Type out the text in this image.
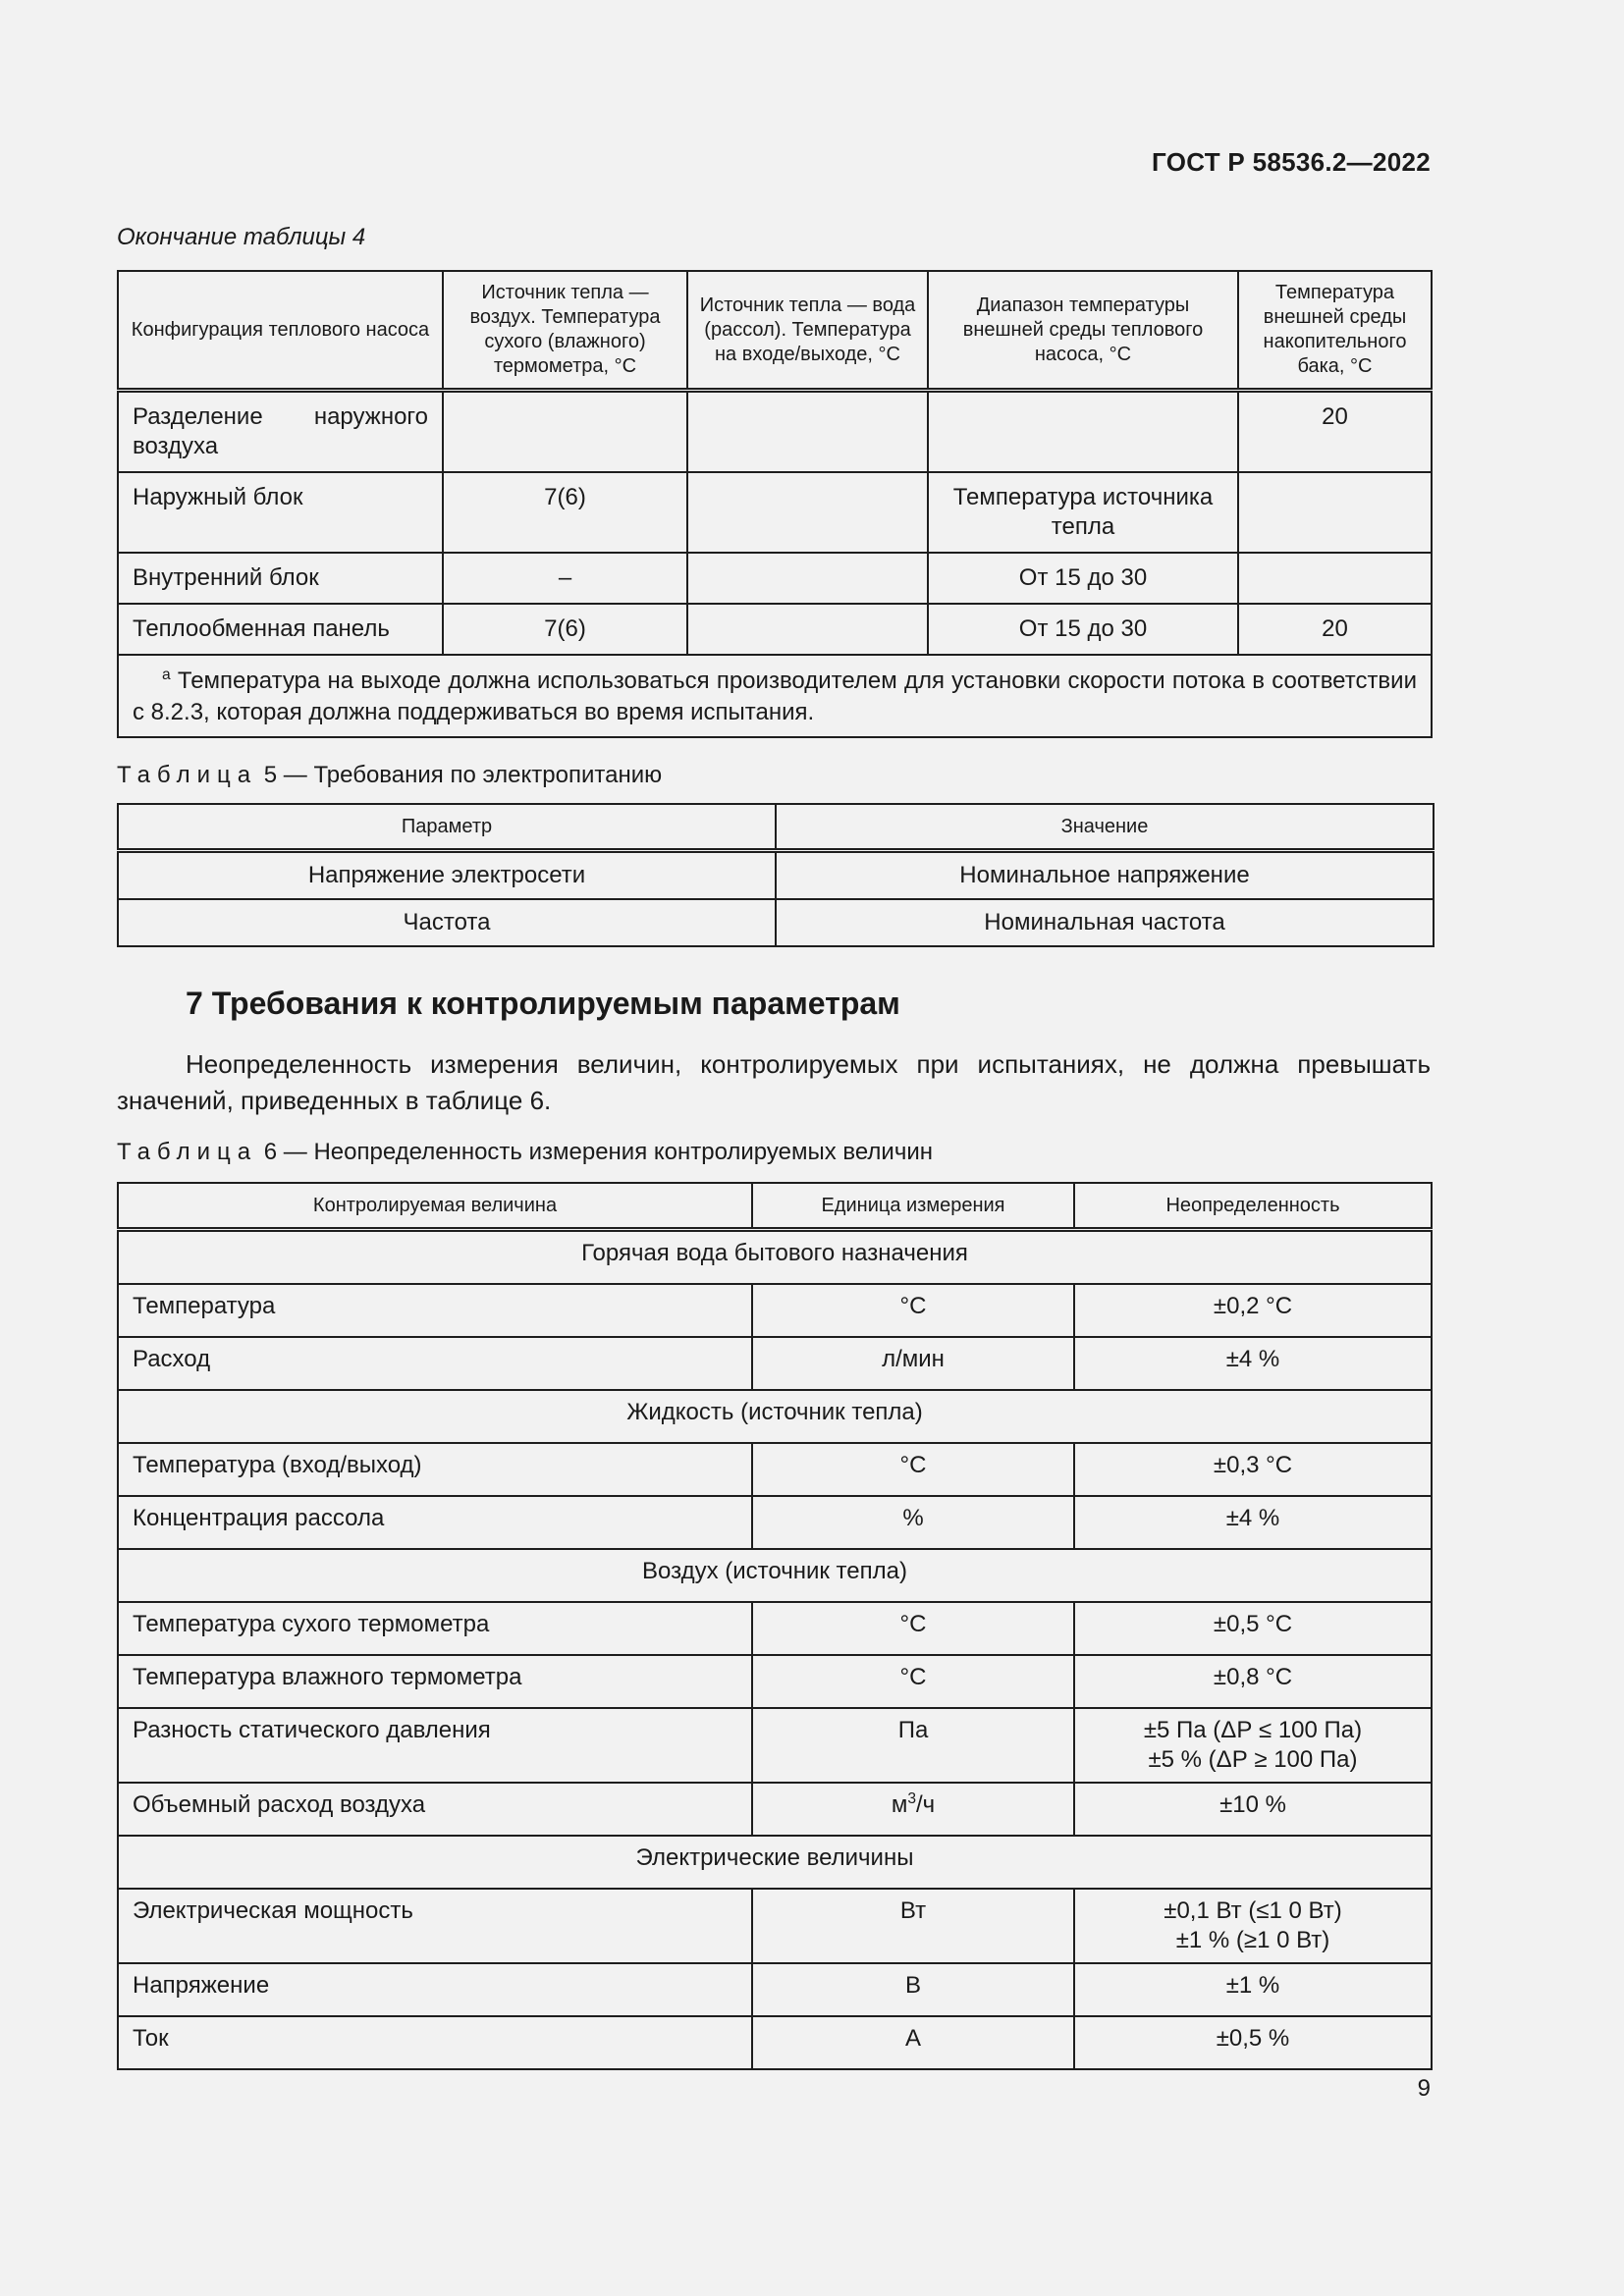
ГОСТ Р 58536.2—2022
Окончание таблицы 4
Конфигурация теплового насоса	Источник тепла — воздух. Температура сухого (влажного) термометра, °С	Источник тепла — вода (рассол). Температура на входе/выходе, °С	Диапазон температуры внешней среды теплового насоса, °С	Температура внешней среды накопительного бака, °С
Разделение наружного воздуха				20
Наружный блок	7(6)		Температура источника тепла	
Внутренний блок	–		От 15 до 30	
Теплообменная панель	7(6)		От 15 до 30	20
$^а$ Температура на выходе должна использоваться производителем для установки скорости потока в соответствии с 8.2.3, которая должна поддерживаться во время испытания.				
Таблица 5 — Требования по электропитанию
Параметр	Значение
Напряжение электросети	Номинальное напряжение
Частота	Номинальная частота
7 Требования к контролируемым параметрам
Неопределенность измерения величин, контролируемых при испытаниях, не должна превышать значений, приведенных в таблице 6.
Таблица 6 — Неопределенность измерения контролируемых величин
Контролируемая величина	Единица измерения	Неопределенность
Горячая вода бытового назначения		
Температура	°С	±0,2 °С
Расход	л/мин	±4 %
Жидкость (источник тепла)		
Температура (вход/выход)	°С	±0,3 °С
Концентрация рассола	%	±4 %
Воздух (источник тепла)		
Температура сухого термометра	°С	±0,5 °С
Температура влажного термометра	°С	±0,8 °С
Разность статического давления	Па	±5 Па (ΔР ≤ 100 Па)
±5 % (ΔР ≥ 100 Па)
Объемный расход воздуха	$м^3/ч$	±10 %
Электрические величины		
Электрическая мощность	Вт	±0,1 Вт (≤1 0 Вт)
±1 % (≥1 0 Вт)
Напряжение	В	±1 %
Ток	А	±0,5 %
9
